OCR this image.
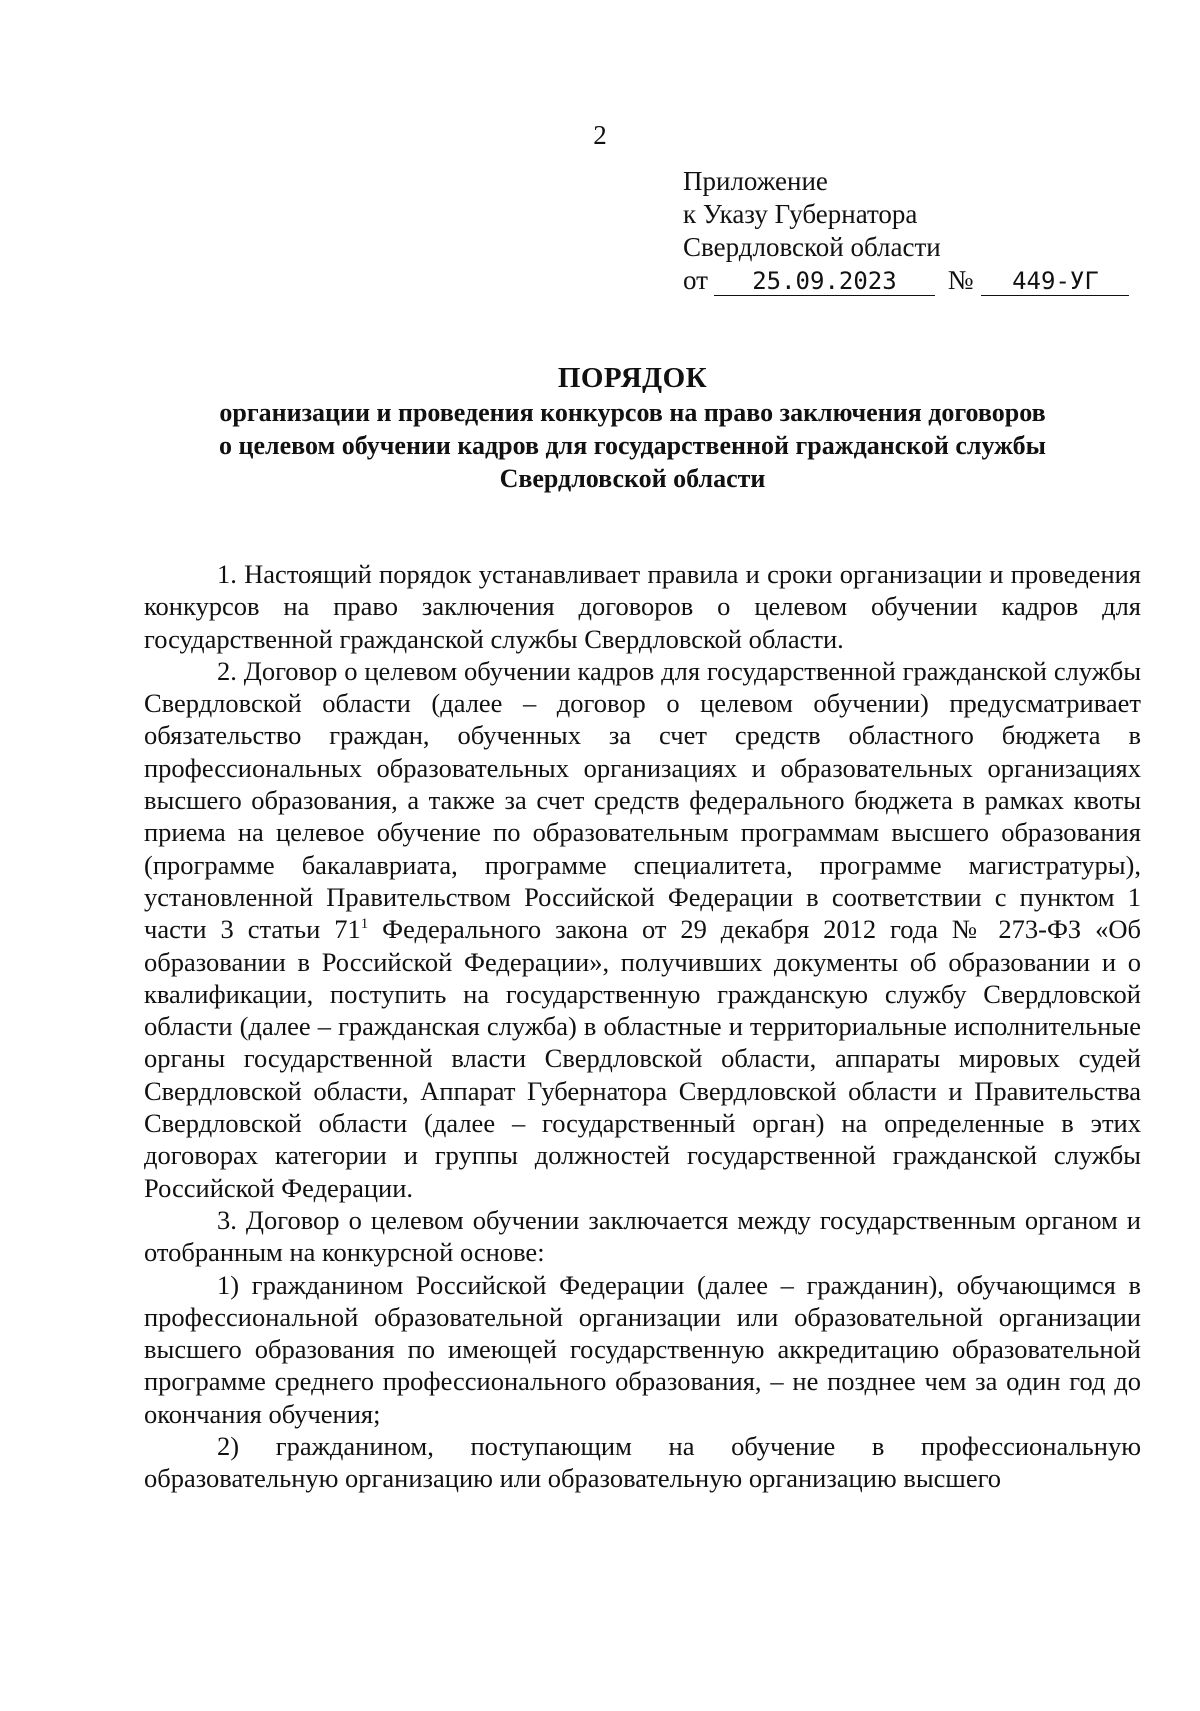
2
Приложение
к Указу Губернатора
Свердловской области
от 25.09.2023 № 449-УГ
ПОРЯДОК
организации и проведения конкурсов на право заключения договоров
о целевом обучении кадров для государственной гражданской службы
Свердловской области

1. Настоящий порядок устанавливает правила и сроки организации и проведения конкурсов на право заключения договоров о целевом обучении кадров для государственной гражданской службы Свердловской области.

2. Договор о целевом обучении кадров для государственной гражданской службы Свердловской области (далее – договор о целевом обучении) предусматривает обязательство граждан, обученных за счет средств областного бюджета в профессиональных образовательных организациях и образовательных организациях высшего образования, а также за счет средств федерального бюджета в рамках квоты приема на целевое обучение по образовательным программам высшего образования (программе бакалавриата, программе специалитета, программе магистратуры), установленной Правительством Российской Федерации в соответствии с пунктом 1 части 3 статьи $71^1$ Федерального закона от 29 декабря 2012 года № 273-ФЗ «Об образовании в Российской Федерации», получивших документы об образовании и о квалификации, поступить на государственную гражданскую службу Свердловской области (далее – гражданская служба) в областные и территориальные исполнительные органы государственной власти Свердловской области, аппараты мировых судей Свердловской области, Аппарат Губернатора Свердловской области и Правительства Свердловской области (далее – государственный орган) на определенные в этих договорах категории и группы должностей государственной гражданской службы Российской Федерации.

3. Договор о целевом обучении заключается между государственным органом и отобранным на конкурсной основе:

1) гражданином Российской Федерации (далее – гражданин), обучающимся в профессиональной образовательной организации или образовательной организации высшего образования по имеющей государственную аккредитацию образовательной программе среднего профессионального образования, – не позднее чем за один год до окончания обучения;

2) гражданином, поступающим на обучение в профессиональную образовательную организацию или образовательную организацию высшего
